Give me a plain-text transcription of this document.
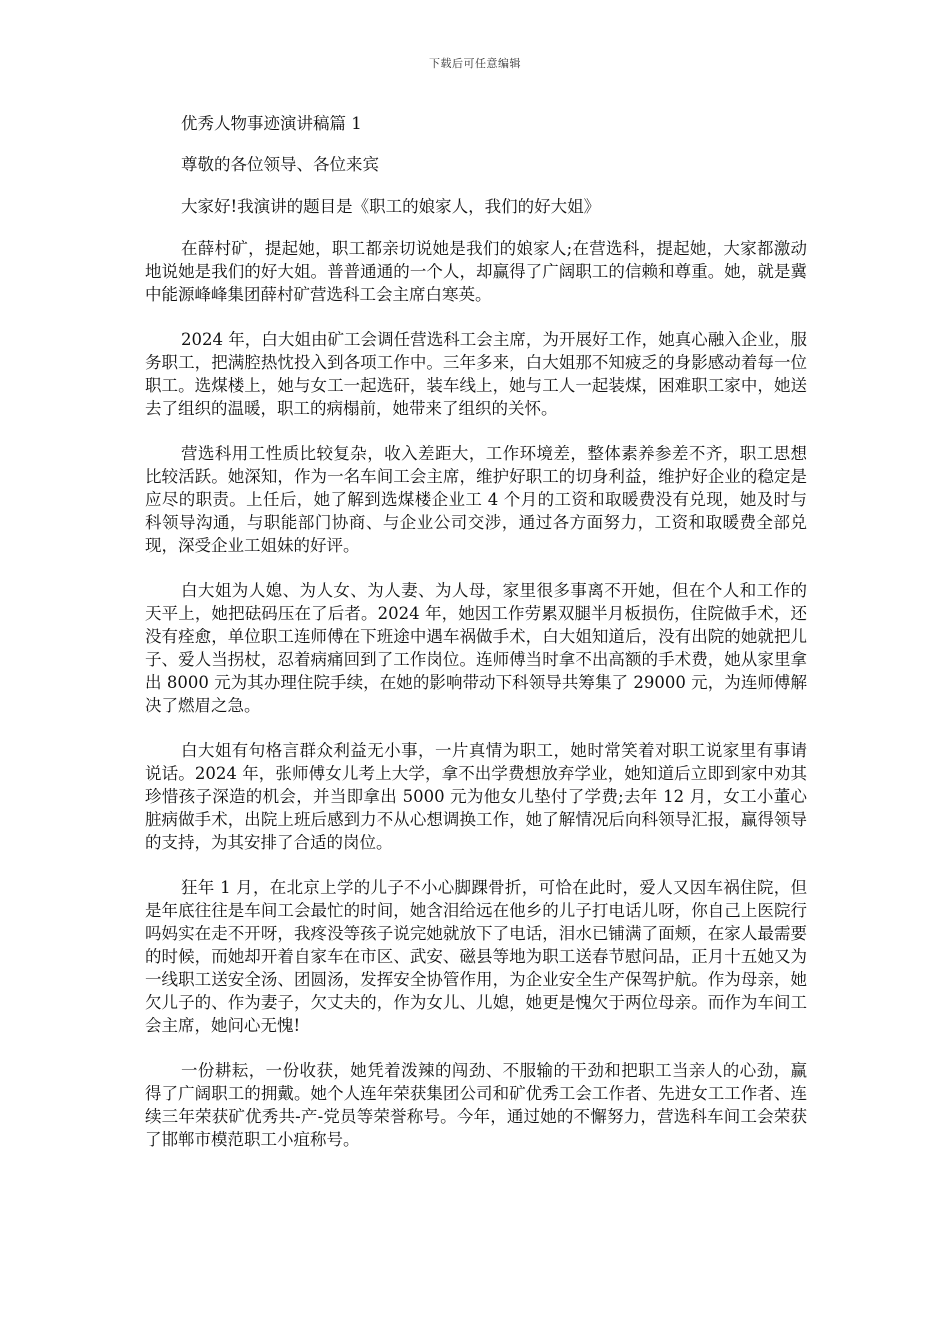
下载后可任意编辑

优秀人物事迹演讲稿篇 1

尊敬的各位领导、各位来宾

大家好!我演讲的题目是《职工的娘家人，我们的好大姐》

在薛村矿，提起她，职工都亲切说她是我们的娘家人;在营选科，提起她，大家都激动地说她是我们的好大姐。普普通通的一个人，却赢得了广阔职工的信赖和尊重。她，就是冀中能源峰峰集团薛村矿营选科工会主席白寒英。

2024 年，白大姐由矿工会调任营选科工会主席，为开展好工作，她真心融入企业，服务职工，把满腔热忱投入到各项工作中。三年多来，白大姐那不知疲乏的身影感动着每一位职工。选煤楼上，她与女工一起选矸，装车线上，她与工人一起装煤，困难职工家中，她送去了组织的温暖，职工的病榻前，她带来了组织的关怀。

营选科用工性质比较复杂，收入差距大，工作环境差，整体素养参差不齐，职工思想比较活跃。她深知，作为一名车间工会主席，维护好职工的切身利益，维护好企业的稳定是应尽的职责。上任后，她了解到选煤楼企业工 4 个月的工资和取暖费没有兑现，她及时与科领导沟通，与职能部门协商、与企业公司交涉，通过各方面努力，工资和取暖费全部兑现，深受企业工姐妹的好评。

白大姐为人媳、为人女、为人妻、为人母，家里很多事离不开她，但在个人和工作的天平上，她把砝码压在了后者。2024 年，她因工作劳累双腿半月板损伤，住院做手术，还没有痊愈，单位职工连师傅在下班途中遇车祸做手术，白大姐知道后，没有出院的她就把儿子、爱人当拐杖，忍着病痛回到了工作岗位。连师傅当时拿不出高额的手术费，她从家里拿出 8000 元为其办理住院手续，在她的影响带动下科领导共筹集了 29000 元，为连师傅解决了燃眉之急。

白大姐有句格言群众利益无小事，一片真情为职工，她时常笑着对职工说家里有事请说话。2024 年，张师傅女儿考上大学，拿不出学费想放弃学业，她知道后立即到家中劝其珍惜孩子深造的机会，并当即拿出 5000 元为他女儿垫付了学费;去年 12 月，女工小董心脏病做手术，出院上班后感到力不从心想调换工作，她了解情况后向科领导汇报，赢得领导的支持，为其安排了合适的岗位。

狂年 1 月，在北京上学的儿子不小心脚踝骨折，可恰在此时，爱人又因车祸住院，但是年底往往是车间工会最忙的时间，她含泪给远在他乡的儿子打电话儿呀，你自己上医院行吗妈实在走不开呀，我疼没等孩子说完她就放下了电话，泪水已铺满了面颊，在家人最需要的时候，而她却开着自家车在市区、武安、磁县等地为职工送春节慰问品，正月十五她又为一线职工送安全汤、团圆汤，发挥安全协管作用，为企业安全生产保驾护航。作为母亲，她欠儿子的、作为妻子，欠丈夫的，作为女儿、儿媳，她更是愧欠于两位母亲。而作为车间工会主席，她问心无愧!

一份耕耘，一份收获，她凭着泼辣的闯劲、不服输的干劲和把职工当亲人的心劲，赢得了广阔职工的拥戴。她个人连年荣获集团公司和矿优秀工会工作者、先进女工工作者、连续三年荣获矿优秀共-产-党员等荣誉称号。今年，通过她的不懈努力，营选科车间工会荣获了邯郸市模范职工小疽称号。
